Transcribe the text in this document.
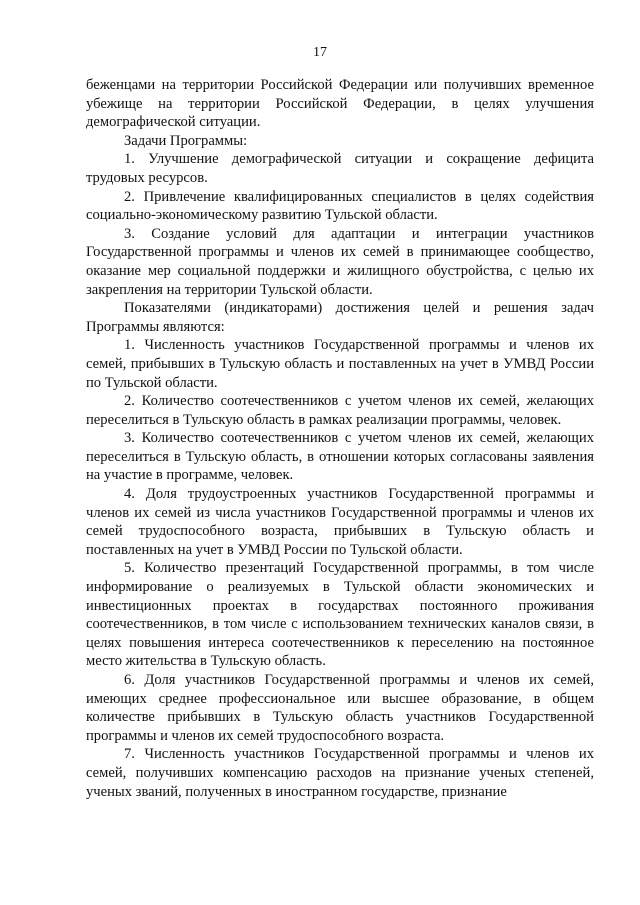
17

беженцами на территории Российской Федерации или получивших временное убежище на территории Российской Федерации, в целях улучшения демографической ситуации.

Задачи Программы:

1. Улучшение демографической ситуации и сокращение дефицита трудовых ресурсов.

2. Привлечение квалифицированных специалистов в целях содействия социально-экономическому развитию Тульской области.

3. Создание условий для адаптации и интеграции участников Государственной программы и членов их семей в принимающее сообщество, оказание мер социальной поддержки и жилищного обустройства, с целью их закрепления на территории Тульской области.

Показателями (индикаторами) достижения целей и решения задач Программы являются:

1. Численность участников Государственной программы и членов их семей, прибывших в Тульскую область и поставленных на учет в УМВД России по Тульской области.

2. Количество соотечественников с учетом членов их семей, желающих переселиться в Тульскую область в рамках реализации программы, человек.

3. Количество соотечественников с учетом членов их семей, желающих переселиться в Тульскую область, в отношении которых согласованы заявления на участие в программе, человек.

4. Доля трудоустроенных участников Государственной программы и членов их семей из числа участников Государственной программы и членов их семей трудоспособного возраста, прибывших в Тульскую область и поставленных на учет в УМВД России по Тульской области.

5. Количество презентаций Государственной программы, в том числе информирование о реализуемых в Тульской области экономических и инвестиционных проектах в государствах постоянного проживания соотечественников, в том числе с использованием технических каналов связи, в целях повышения интереса соотечественников к переселению на постоянное место жительства в Тульскую область.

6. Доля участников Государственной программы и членов их семей, имеющих среднее профессиональное или высшее образование, в общем количестве прибывших в Тульскую область участников Государственной программы и членов их семей трудоспособного возраста.

7. Численность участников Государственной программы и членов их семей, получивших компенсацию расходов на признание ученых степеней, ученых званий, полученных в иностранном государстве, признание
